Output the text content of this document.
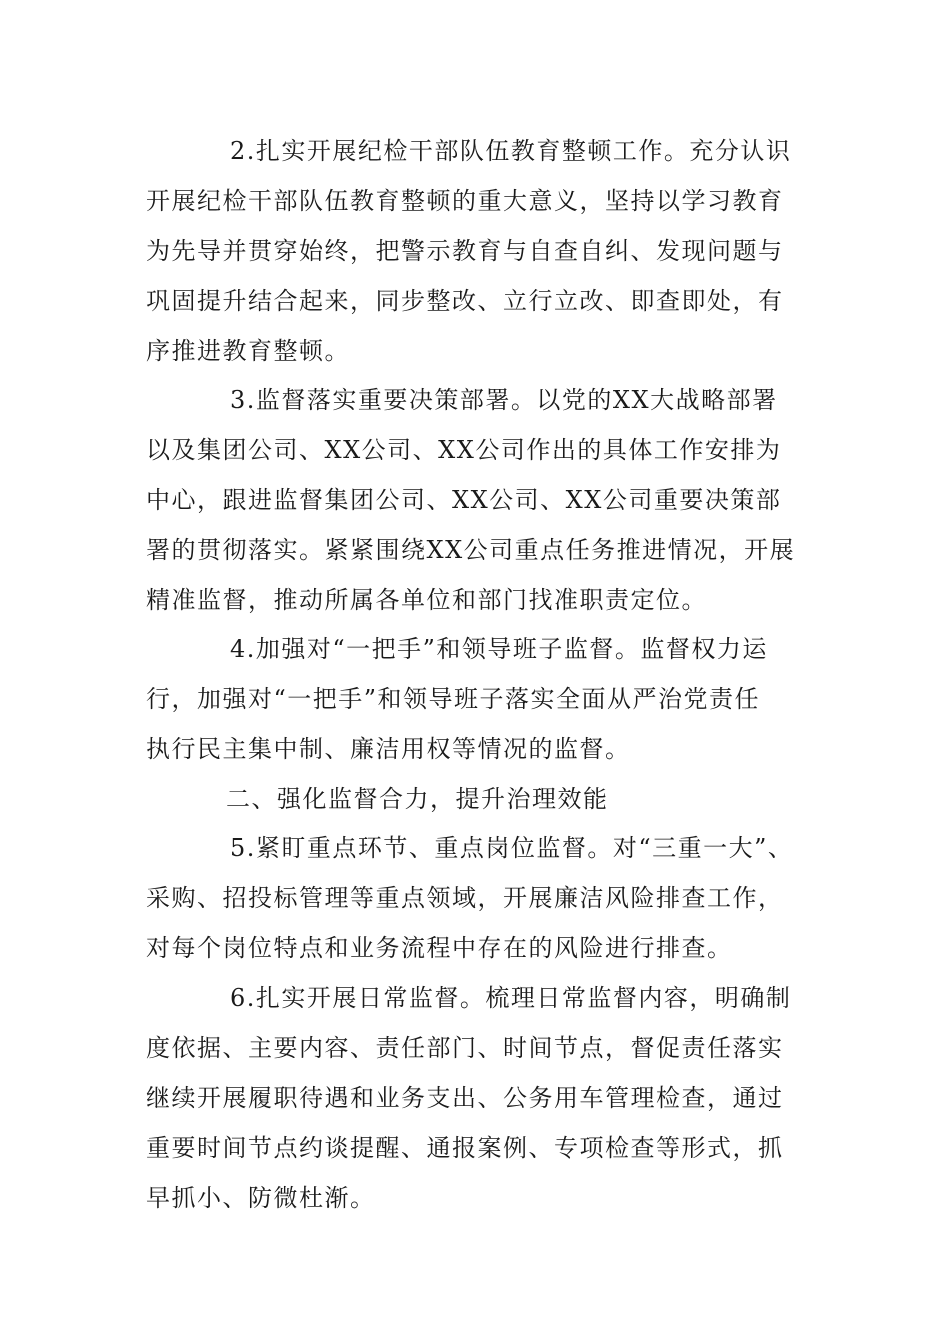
2.扎实开展纪检干部队伍教育整顿工作。充分认识
开展纪检干部队伍教育整顿的重大意义，坚持以学习教育
为先导并贯穿始终，把警示教育与自查自纠、发现问题与
巩固提升结合起来，同步整改、立行立改、即查即处，有
序推进教育整顿。
3.监督落实重要决策部署。以党的XX大战略部署
以及集团公司、XX公司、XX公司作出的具体工作安排为
中心，跟进监督集团公司、XX公司、XX公司重要决策部
署的贯彻落实。紧紧围绕XX公司重点任务推进情况，开展
精准监督，推动所属各单位和部门找准职责定位。
4.加强对“一把手”和领导班子监督。监督权力运
行，加强对“一把手”和领导班子落实全面从严治党责任
执行民主集中制、廉洁用权等情况的监督。
二、强化监督合力，提升治理效能
5.紧盯重点环节、重点岗位监督。对“三重一大”、
采购、招投标管理等重点领域，开展廉洁风险排查工作，
对每个岗位特点和业务流程中存在的风险进行排查。
6.扎实开展日常监督。梳理日常监督内容，明确制
度依据、主要内容、责任部门、时间节点，督促责任落实
继续开展履职待遇和业务支出、公务用车管理检查，通过
重要时间节点约谈提醒、通报案例、专项检查等形式，抓
早抓小、防微杜渐。
